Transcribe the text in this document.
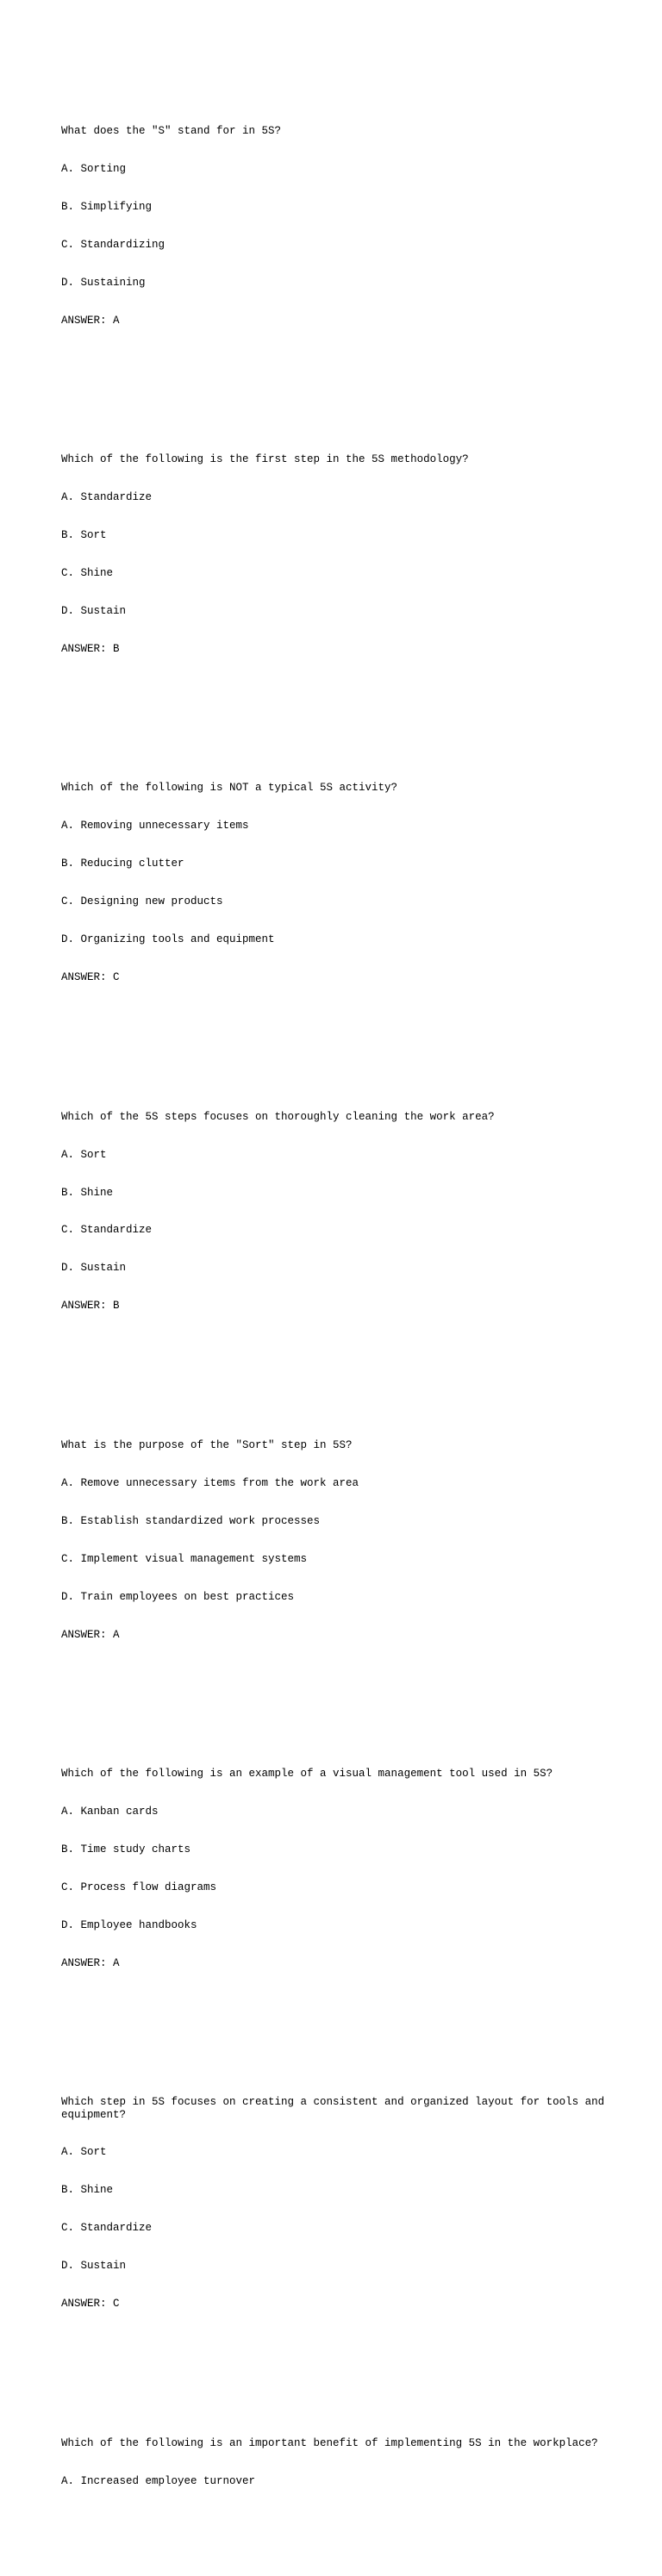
What does the "S" stand for in 5S?

A. Sorting

B. Simplifying

C. Standardizing

D. Sustaining

ANSWER: A

Which of the following is the first step in the 5S methodology?

A. Standardize

B. Sort

C. Shine

D. Sustain

ANSWER: B

Which of the following is NOT a typical 5S activity?

A. Removing unnecessary items

B. Reducing clutter

C. Designing new products

D. Organizing tools and equipment

ANSWER: C

Which of the 5S steps focuses on thoroughly cleaning the work area?

A. Sort

B. Shine

C. Standardize

D. Sustain

ANSWER: B

What is the purpose of the "Sort" step in 5S?

A. Remove unnecessary items from the work area

B. Establish standardized work processes

C. Implement visual management systems

D. Train employees on best practices

ANSWER: A

Which of the following is an example of a visual management tool used in 5S?

A. Kanban cards

B. Time study charts

C. Process flow diagrams

D. Employee handbooks

ANSWER: A

Which step in 5S focuses on creating a consistent and organized layout for tools and equipment?

A. Sort

B. Shine

C. Standardize

D. Sustain

ANSWER: C

Which of the following is an important benefit of implementing 5S in the workplace?

A. Increased employee turnover
